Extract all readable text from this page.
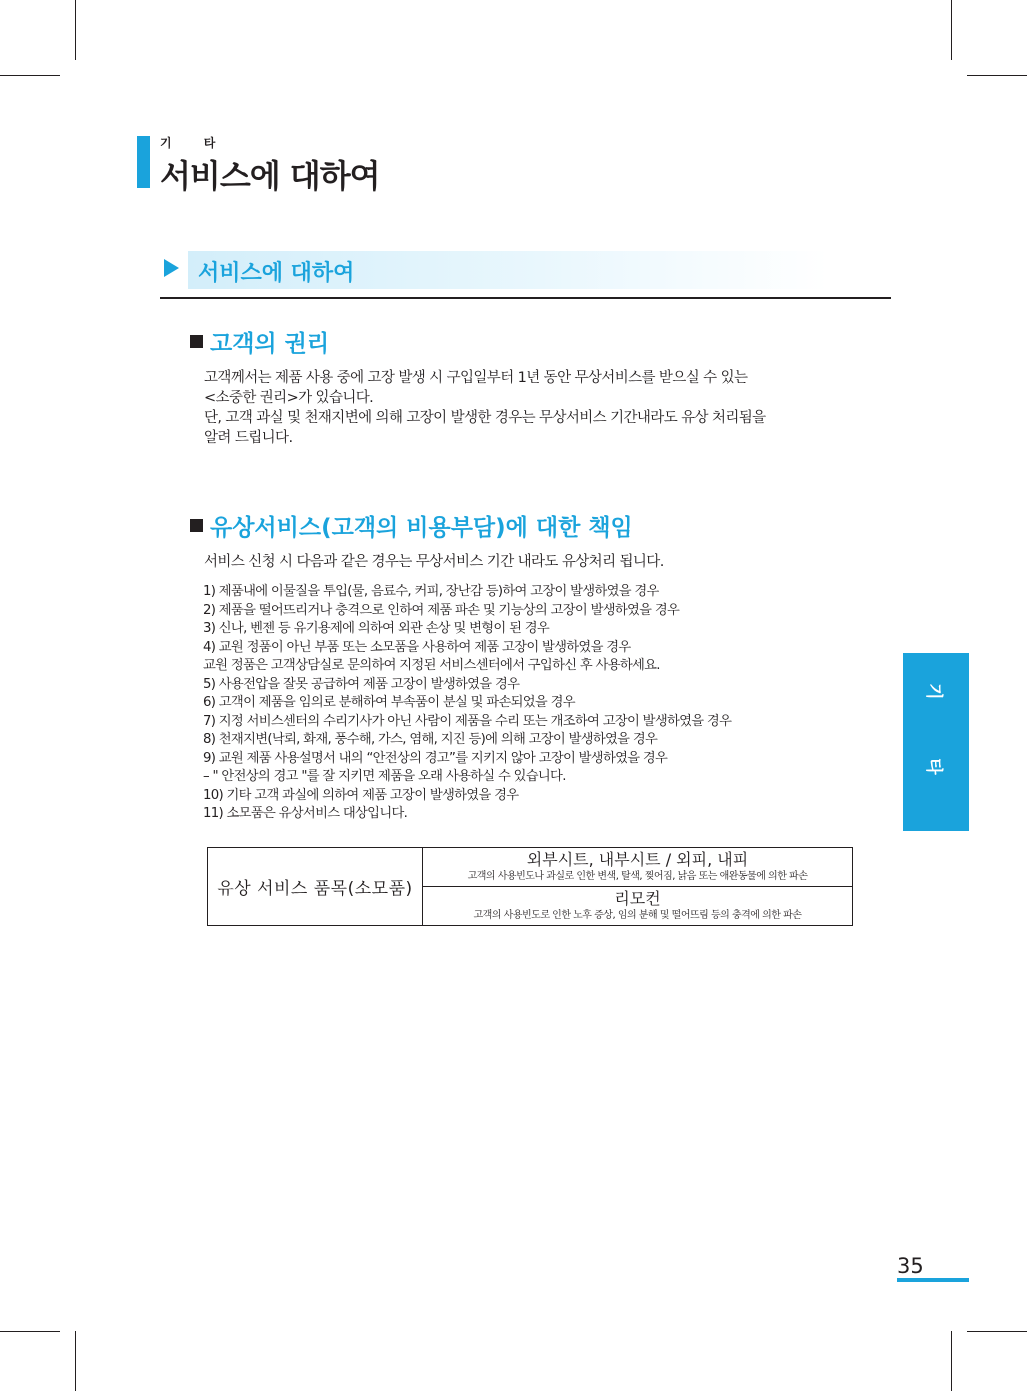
기 타
서비스에 대하여
서비스에 대하여
고객의 권리
고객께서는 제품 사용 중에 고장 발생 시 구입일부터 1년 동안 무상서비스를 받으실 수 있는
<소중한 권리>가 있습니다.
단, 고객 과실 및 천재지변에 의해 고장이 발생한 경우는 무상서비스 기간내라도 유상 처리됨을
알려 드립니다.
유상서비스(고객의 비용부담)에 대한 책임
서비스 신청 시 다음과 같은 경우는 무상서비스 기간 내라도 유상처리 됩니다.
1) 제품내에 이물질을 투입(물, 음료수, 커피, 장난감 등)하여 고장이 발생하였을 경우
2) 제품을 떨어뜨리거나 충격으로 인하여 제품 파손 및 기능상의 고장이 발생하였을 경우
3) 신나, 벤젠 등 유기용제에 의하여 외관 손상 및 변형이 된 경우
4) 교원 정품이 아닌 부품 또는 소모품을 사용하여 제품 고장이 발생하였을 경우
교원 정품은 고객상담실로 문의하여 지정된 서비스센터에서 구입하신 후 사용하세요.
5) 사용전압을 잘못 공급하여 제품 고장이 발생하였을 경우
6) 고객이 제품을 임의로 분해하여 부속품이 분실 및 파손되었을 경우
7) 지정 서비스센터의 수리기사가 아닌 사람이 제품을 수리 또는 개조하여 고장이 발생하였을 경우
8) 천재지변(낙뢰, 화재, 풍수해, 가스, 염해, 지진 등)에 의해 고장이 발생하였을 경우
9) 교원 제품 사용설명서 내의 “안전상의 경고”를 지키지 않아 고장이 발생하였을 경우
– " 안전상의 경고 "를 잘 지키면 제품을 오래 사용하실 수 있습니다.
10) 기타 고객 과실에 의하여 제품 고장이 발생하였을 경우
11) 소모품은 유상서비스 대상입니다.
유상 서비스 품목(소모품)	
외부시트, 내부시트 / 외피, 내피
고객의 사용빈도나 과실로 인한 변색, 탈색, 찢어짐, 낡음 또는 애완동물에 의한 파손

리모컨
고객의 사용빈도로 인한 노후 증상, 임의 분해 및 떨어뜨림 등의 충격에 의한 파손
기
타
35
